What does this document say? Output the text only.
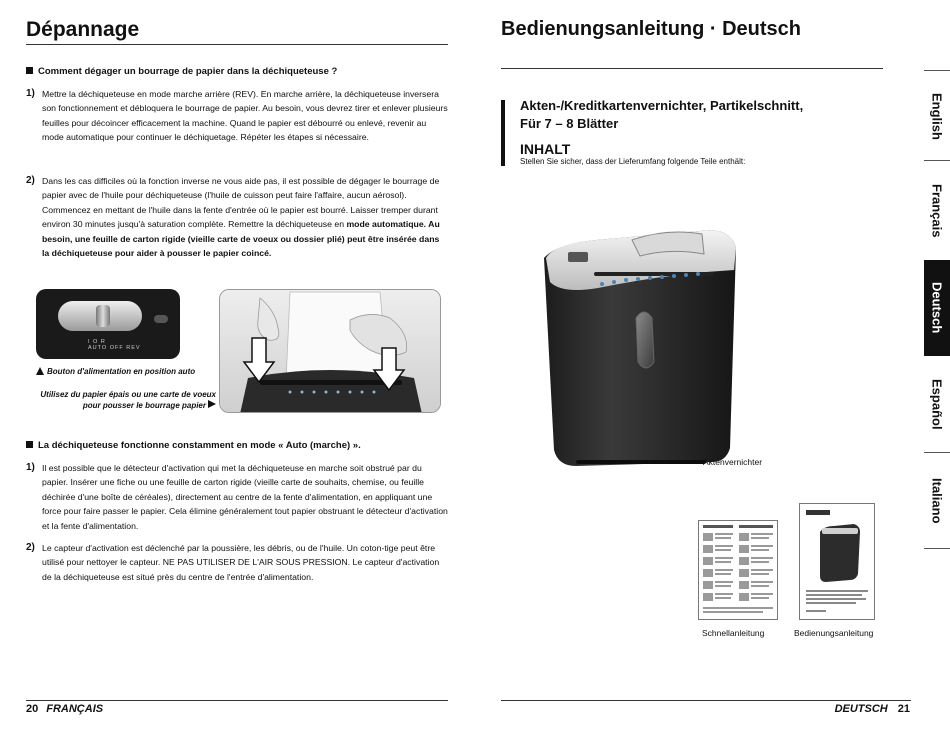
Dépannage
Comment dégager un bourrage de papier dans la déchiqueteuse ?
1) Mettre la déchiqueteuse en mode marche arrière (REV). En marche arrière, la déchiqueteuse inversera son fonctionnement et débloquera le bourrage de papier. Au besoin, vous devrez tirer et enlever plusieurs feuilles pour décoincer efficacement la machine. Quand le papier est débourré ou enlevé, revenir au mode automatique pour continuer le déchiquetage. Répéter les étapes si nécessaire.
2) Dans les cas difficiles où la fonction inverse ne vous aide pas, il est possible de dégager le bourrage de papier avec de l'huile pour déchiqueteuse (l'huile de cuisson peut faire l'affaire, aucun aérosol). Commencez en mettant de l'huile dans la fente d'entrée où le papier est bourré. Laisser tremper durant environ 30 minutes jusqu'à saturation complète. Remettre la déchiqueteuse en mode automatique. Au besoin, une feuille de carton rigide (vieille carte de voeux ou dossier plié) peut être insérée dans la déchiqueteuse pour aider à pousser le papier coincé.
I O R
AUTO OFF REV
Bouton d'alimentation en position auto
Utilisez du papier épais ou une carte de voeux pour pousser le bourrage papier
La déchiqueteuse fonctionne constamment en mode « Auto (marche) ».
1) Il est possible que le détecteur d'activation qui met la déchiqueteuse en marche soit obstrué par du papier. Insérer une fiche ou une feuille de carton rigide (vieille carte de souhaits, chemise, ou feuille déchirée d'une boîte de céréales), directement au centre de la fente d'alimentation, en appliquant une force pour faire passer le papier. Cela élimine généralement tout papier obstruant le détecteur d'activation et la fente d'alimentation.
2) Le capteur d'activation est déclenché par la poussière, les débris, ou de l'huile. Un coton-tige peut être utilisé pour nettoyer le capteur. NE PAS UTILISER DE L'AIR SOUS PRESSION. Le capteur d'activation de la déchiqueteuse est situé près du centre de l'entrée d'alimentation.
20 FRANÇAIS
Bedienungsanleitung · Deutsch
Akten-/Kreditkartenvernichter, Partikelschnitt,
Für 7 – 8 Blätter
INHALT
Stellen Sie sicher, dass der Lieferumfang folgende Teile enthält:
Aktenvernichter
Schnellanleitung	Bedienungsanleitung
DEUTSCH 21
English
Français
Deutsch
Español
Italiano
